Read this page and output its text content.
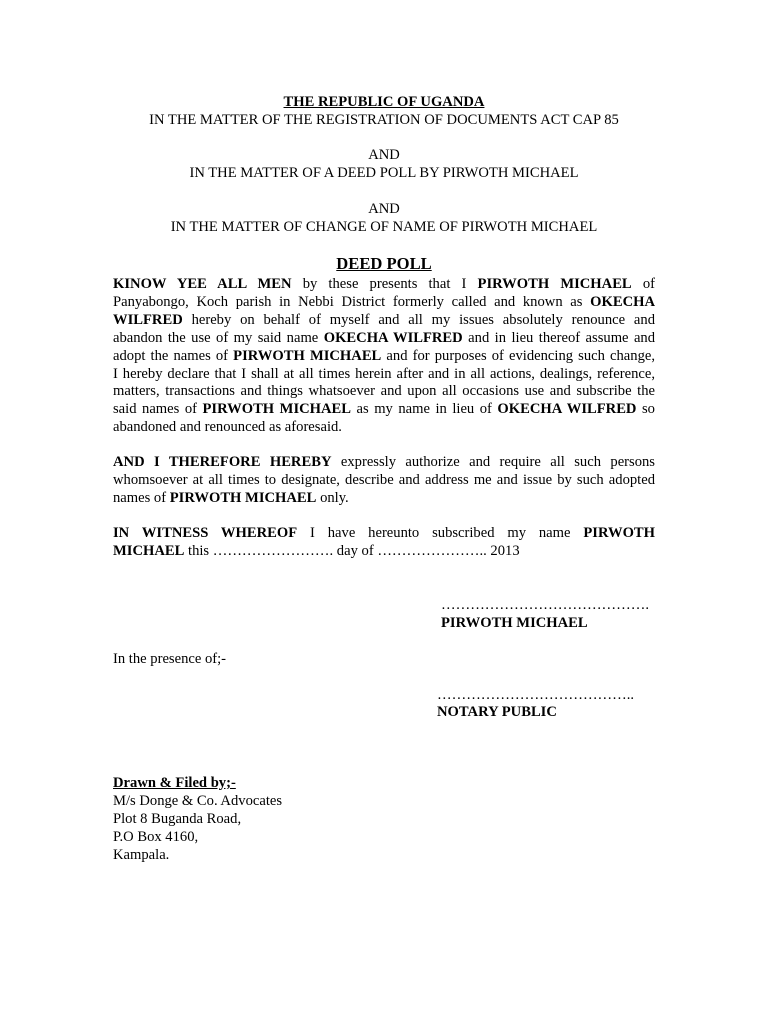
THE REPUBLIC OF UGANDA
IN THE MATTER OF THE REGISTRATION OF DOCUMENTS ACT CAP 85
AND
IN THE MATTER OF A DEED POLL BY PIRWOTH MICHAEL
AND
IN THE MATTER OF CHANGE OF NAME OF PIRWOTH MICHAEL
DEED POLL
KINOW YEE ALL MEN by these presents that I PIRWOTH MICHAEL of
Panyabongo, Koch parish in Nebbi District formerly called and known as OKECHA
WILFRED hereby on behalf of myself and all my issues absolutely renounce and
abandon the use of my said name OKECHA WILFRED and in lieu thereof assume and
adopt the names of PIRWOTH MICHAEL and for purposes of evidencing such change,
I hereby declare that I shall at all times herein after and in all actions, dealings, reference,
matters, transactions and things whatsoever and upon all occasions use and subscribe the
said names of PIRWOTH MICHAEL as my name in lieu of OKECHA WILFRED so
abandoned and renounced as aforesaid.
AND I THEREFORE HEREBY expressly authorize and require all such persons
whomsoever at all times to designate, describe and address me and issue by such adopted
names of PIRWOTH MICHAEL only.
IN WITNESS WHEREOF I have hereunto subscribed my name PIRWOTH
MICHAEL this ……………………. day of ………………….. 2013
…………………………………….
PIRWOTH MICHAEL
In the presence of;-
…………………………………..
NOTARY PUBLIC
Drawn & Filed by;-
M/s Donge & Co. Advocates
Plot 8 Buganda Road,
P.O Box 4160,
Kampala.
